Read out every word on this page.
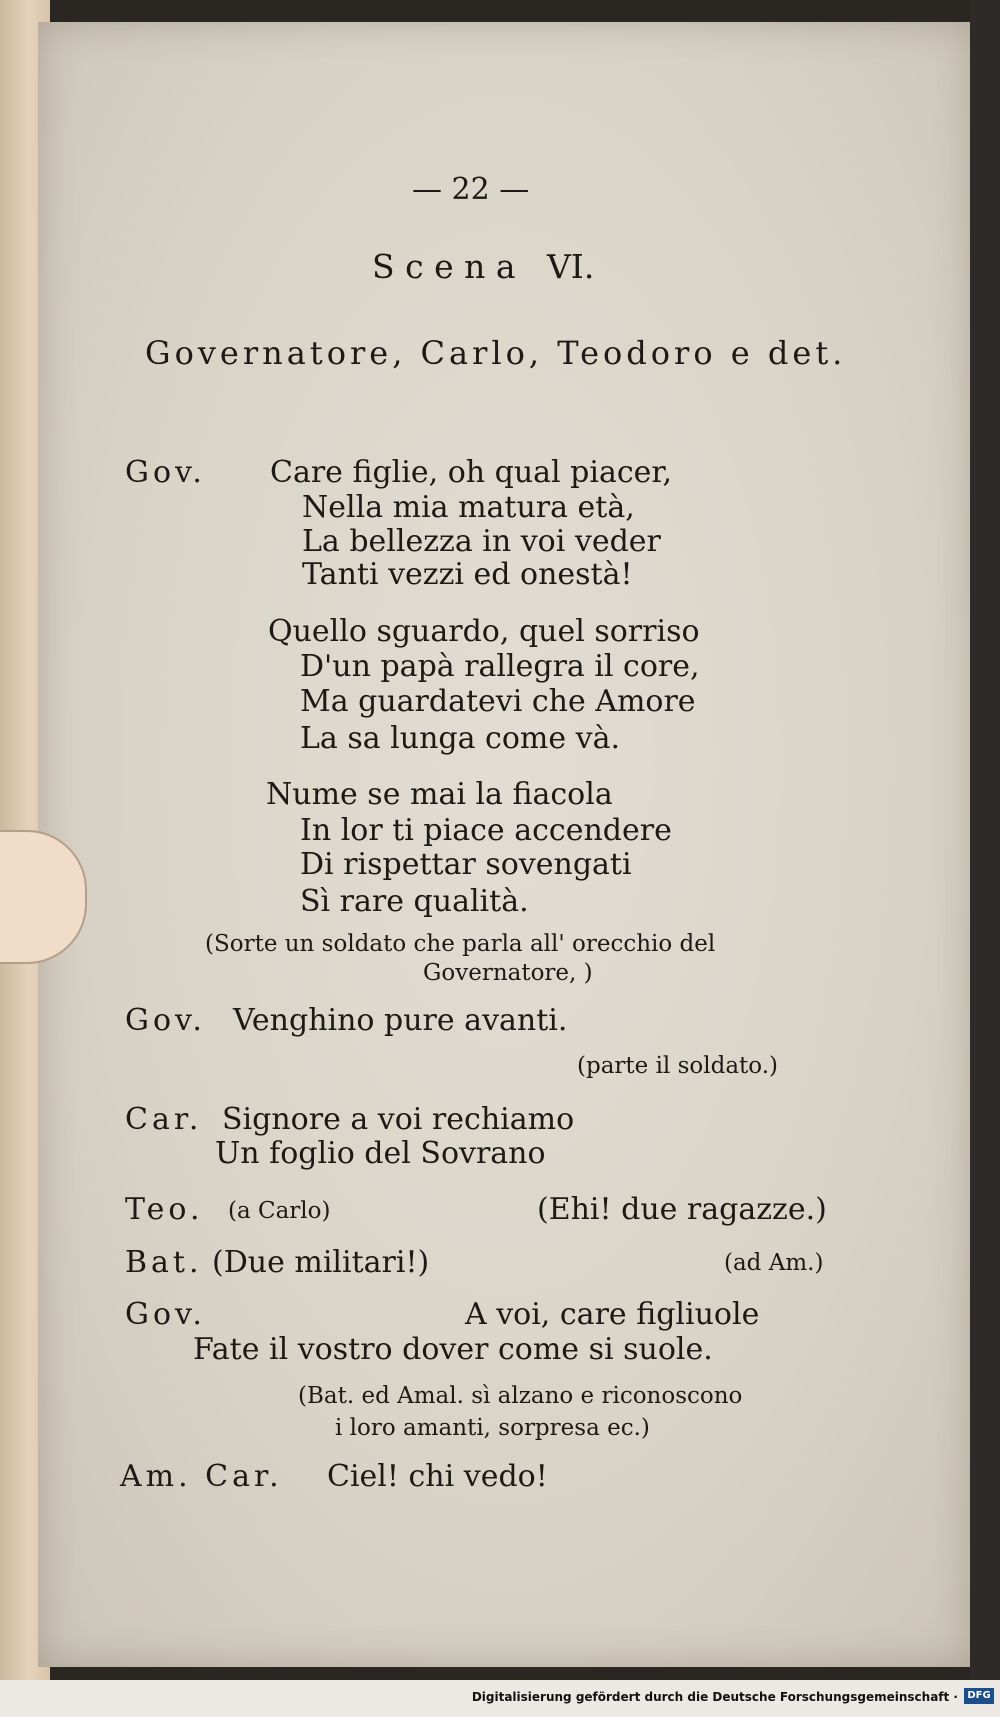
— 22 —
S c e n a   VI.
Governatore, Carlo, Teodoro e det.
Gov. Care figlie, oh qual piacer,
Nella mia matura età,
La bellezza in voi veder
Tanti vezzi ed onestà!
Quello sguardo, quel sorriso
D'un papà rallegra il core,
Ma guardatevi che Amore
La sa lunga come và.
Nume se mai la fiacola
In lor ti piace accendere
Di rispettar sovengati
Sì rare qualità.
(Sorte un soldato che parla all' orecchio del
Governatore, )
Gov. Venghino pure avanti.
(parte il soldato.)
Car. Signore a voi rechiamo
Un foglio del Sovrano
Teo. (a Carlo)	(Ehi! due ragazze.)
Bat. (Due militari!)	(ad Am.)
Gov.	A voi, care figliuole
Fate il vostro dover come si suole.
(Bat. ed Amal. sì alzano e riconoscono
i loro amanti, sorpresa ec.)
Am. Car. Ciel! chi vedo!
Digitalisierung gefördert durch die Deutsche Forschungsgemeinschaft · DFG
